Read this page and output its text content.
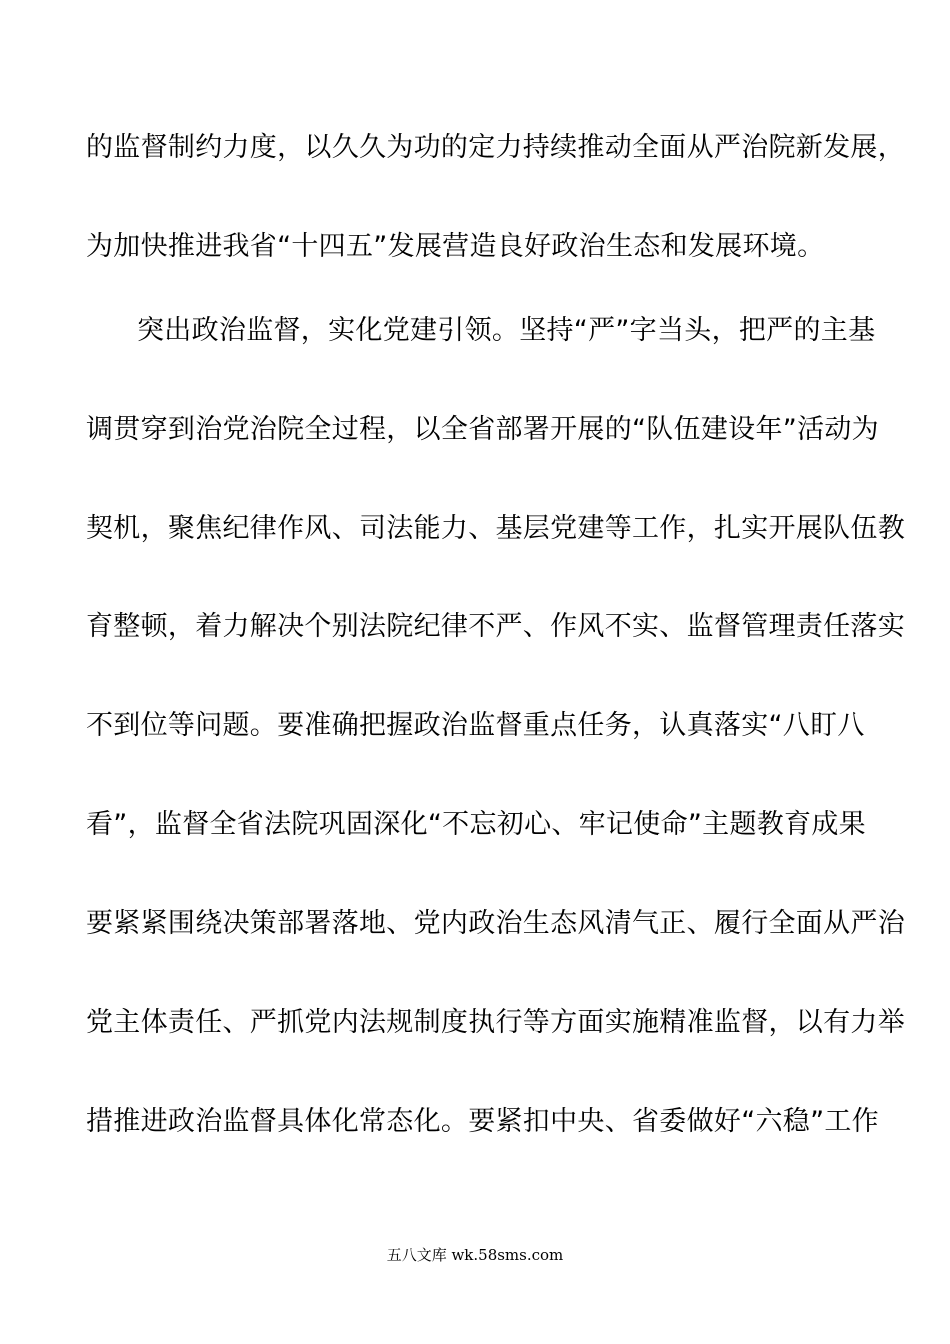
的监督制约力度，以久久为功的定力持续推动全面从严治院新发展，
为加快推进我省“十四五”发展营造良好政治生态和发展环境。
突出政治监督，实化党建引领。坚持“严”字当头，把严的主基
调贯穿到治党治院全过程，以全省部署开展的“队伍建设年”活动为
契机，聚焦纪律作风、司法能力、基层党建等工作，扎实开展队伍教
育整顿，着力解决个别法院纪律不严、作风不实、监督管理责任落实
不到位等问题。要准确把握政治监督重点任务，认真落实“八盯八
看”，监督全省法院巩固深化“不忘初心、牢记使命”主题教育成果
要紧紧围绕决策部署落地、党内政治生态风清气正、履行全面从严治
党主体责任、严抓党内法规制度执行等方面实施精准监督，以有力举
措推进政治监督具体化常态化。要紧扣中央、省委做好“六稳”工作
五八文库 wk.58sms.com
